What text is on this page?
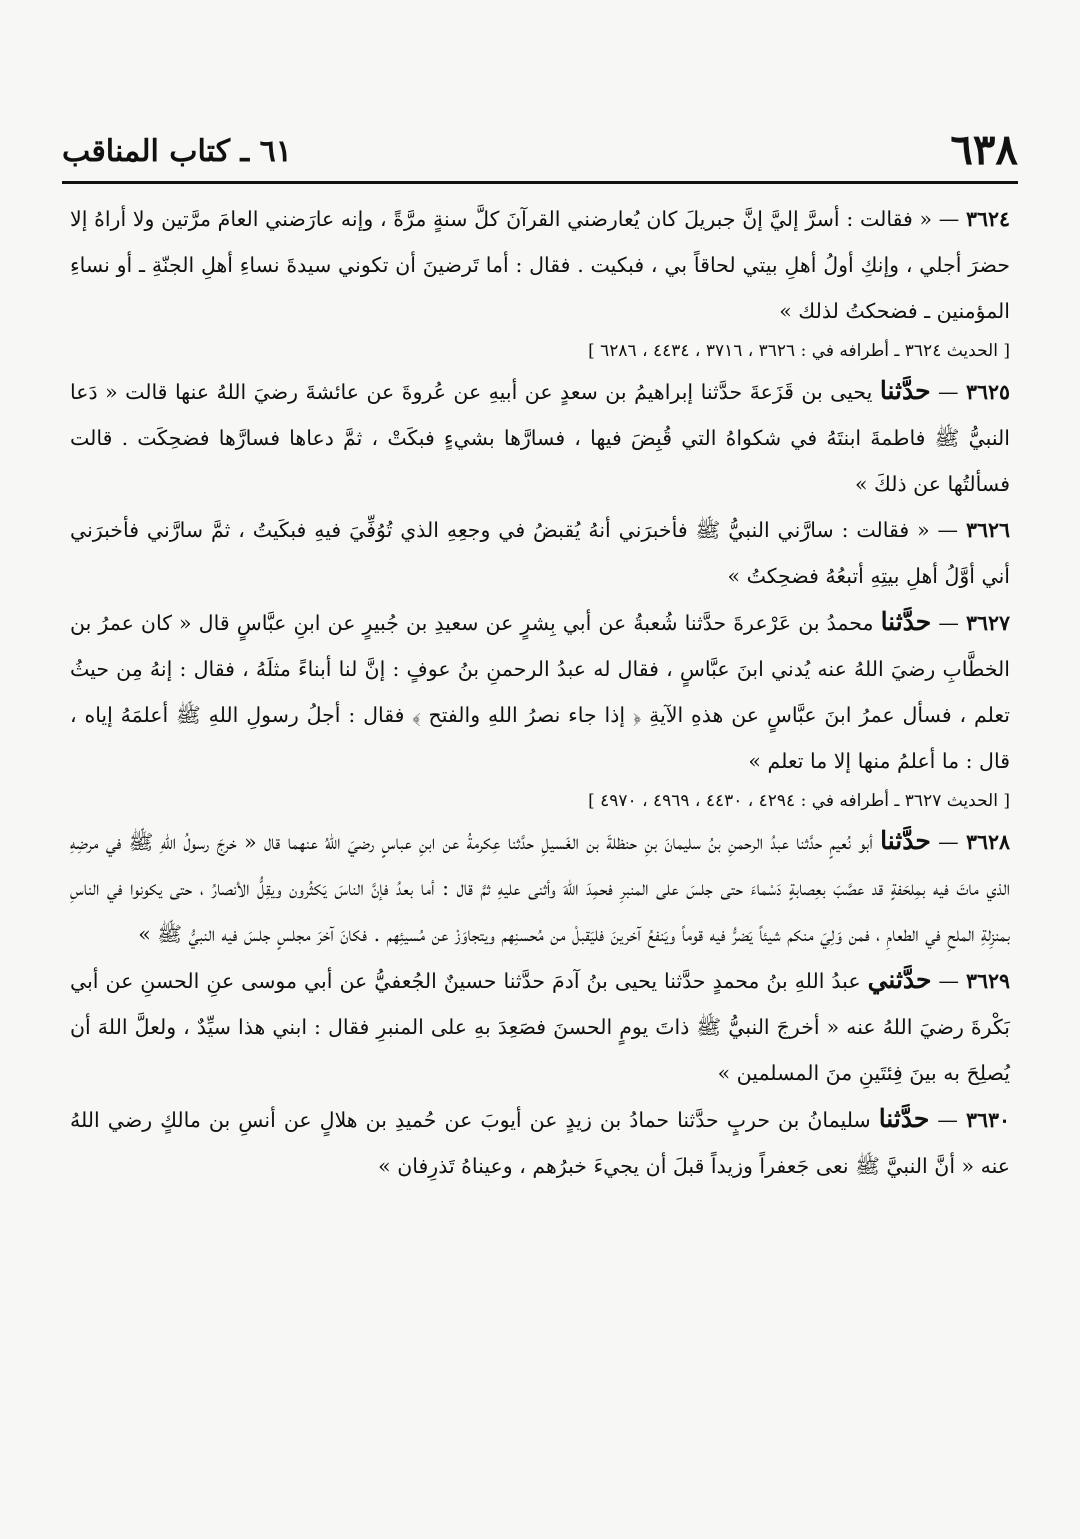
٦٣٨
٦١ ـ كتاب المناقب

٣٦٢٤ — « فقالت : أسرَّ إليَّ إنَّ جبريلَ كان يُعارضني القرآنَ كلَّ سنةٍ مرَّةً ، وإنه عارَضني العامَ مرَّتين ولا أراهُ إلا حضرَ أجلي ، وإنكِ أولُ أهلِ بيتي لحاقاً بي ، فبكيت . فقال : أما تَرضينَ أن تكوني سيدةَ نساءِ أهلِ الجنّةِ ـ أو نساءِ المؤمنين ـ فضحكتُ لذلك »

[ الحديث ٣٦٢٤ ـ أطرافه في : ٣٦٢٦ ، ٣٧١٦ ، ٤٤٣٤ ، ٦٢٨٦ ]

٣٦٢٥ — حدَّثنا يحيى بن قَزَعةَ حدَّثنا إبراهيمُ بن سعدٍ عن أبيهِ عن عُروةَ عن عائشةَ رضيَ اللهُ عنها قالت « دَعا النبيُّ ﷺ فاطمةَ ابنتَهُ في شكواهُ التي قُبِضَ فيها ، فسارَّها بشيءٍ فبكَتْ ، ثمَّ دعاها فسارَّها فضحِكَت . قالت فسألتُها عن ذلكَ »

٣٦٢٦ — « فقالت : سارَّني النبيُّ ﷺ فأخبرَني أنهُ يُقبضُ في وجعِهِ الذي تُوُفِّيَ فيهِ فبكَيتُ ، ثمَّ سارَّني فأخبرَني أني أوَّلُ أهلِ بيتِهِ أتبعُهُ فضحِكتُ »

٣٦٢٧ — حدَّثنا محمدُ بن عَرْعرةَ حدَّثنا شُعبةُ عن أبي بِشرٍ عن سعيدِ بن جُبيرٍ عن ابنِ عبَّاسٍ قال « كان عمرُ بن الخطَّابِ رضيَ اللهُ عنه يُدني ابنَ عبَّاسٍ ، فقال له عبدُ الرحمنِ بنُ عوفٍ : إنَّ لنا أبناءً مثلَهُ ، فقال : إنهُ مِن حيثُ تعلم ، فسأل عمرُ ابنَ عبَّاسٍ عن هذهِ الآيةِ ﴿ إذا جاء نصرُ اللهِ والفتح ﴾ فقال : أجلُ رسولِ اللهِ ﷺ أعلمَهُ إياه ، قال : ما أعلمُ منها إلا ما تعلم »

[ الحديث ٣٦٢٧ ـ أطرافه في : ٤٢٩٤ ، ٤٤٣٠ ، ٤٩٦٩ ، ٤٩٧٠ ]

٣٦٢٨ — حدَّثنا أبو نُعيمٍ حدَّثنا عبدُ الرحمنِ بنُ سليمانَ بنِ حنظلةَ بن الغَسيلِ حدَّثنا عِكرمةُ عن ابنِ عباسٍ رضيَ اللهُ عنهما قال « خرجَ رسولُ اللهِ ﷺ في مرضِهِ الذي ماتَ فيه بمِلحَفةٍ قد عصَّبَ بعِصابةٍ دَسْماءَ حتى جلسَ على المنبرِ فحمِدَ اللهَ وأثنى عليهِ ثمَّ قال : أما بعدُ فإنَّ الناسَ يَكثُرون ويقِلُّ الأنصارُ ، حتى يكونوا في الناسِ بمنزِلةِ الملحِ في الطعامِ ، فمن وَلِيَ منكم شيئاً يَضرُّ فيه قوماً ويَنفعُ آخرينَ فليَقبلْ من مُحسنِهم ويتجاوَزْ عن مُسيئِهم . فكانَ آخرَ مجلسٍ جلسَ فيه النبيُّ ﷺ »

٣٦٢٩ — حدَّثني عبدُ اللهِ بنُ محمدٍ حدَّثنا يحيى بنُ آدمَ حدَّثنا حسينٌ الجُعفيُّ عن أبي موسى عنِ الحسنِ عن أبي بَكْرةَ رضيَ اللهُ عنه « أخرجَ النبيُّ ﷺ ذاتَ يومٍ الحسنَ فصَعِدَ بهِ على المنبرِ فقال : ابني هذا سيِّدٌ ، ولعلَّ اللهَ أن يُصلِحَ به بينَ فِئتَينِ منَ المسلمين »

٣٦٣٠ — حدَّثنا سليمانُ بن حربٍ حدَّثنا حمادُ بن زيدٍ عن أيوبَ عن حُميدِ بن هلالٍ عن أنسِ بن مالكٍ رضي اللهُ عنه « أنَّ النبيَّ ﷺ نعى جَعفراً وزيداً قبلَ أن يجيءَ خبرُهم ، وعيناهُ تَذرِفان »
